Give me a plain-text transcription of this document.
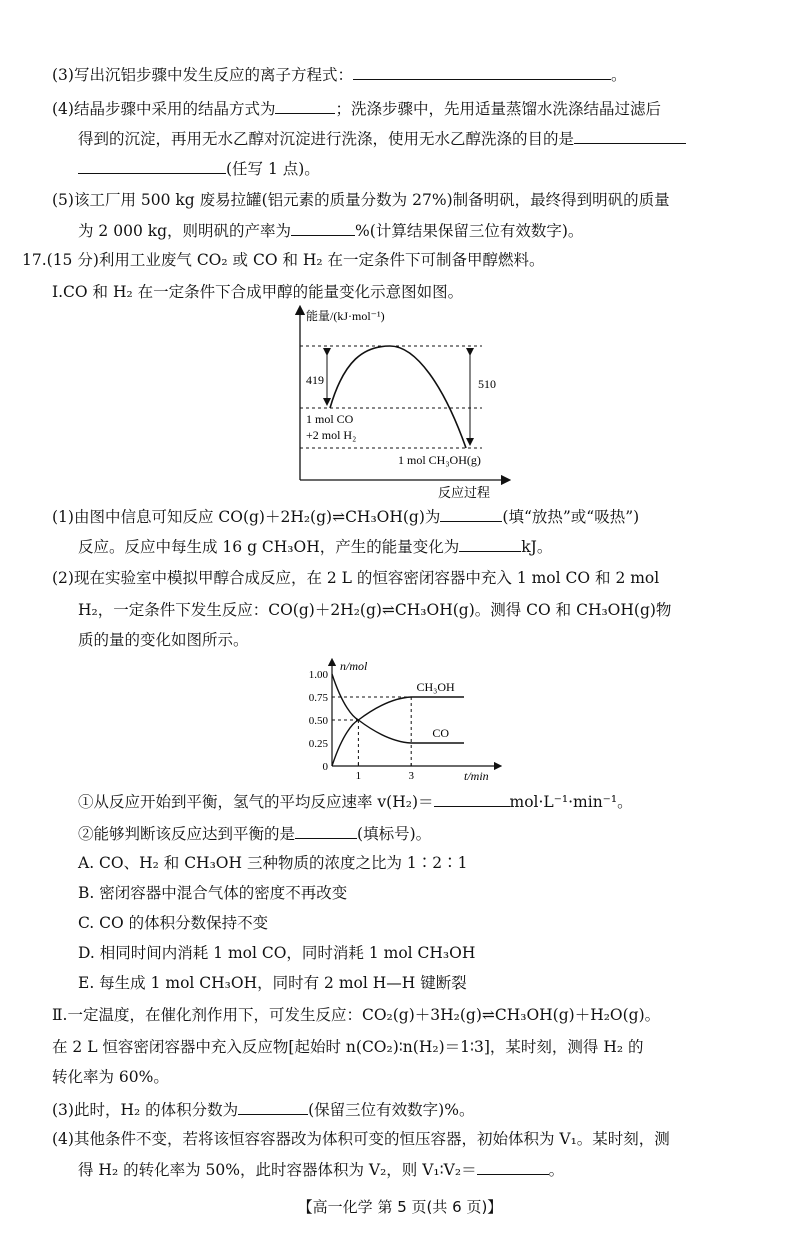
(3)写出沉铝步骤中发生反应的离子方程式：	。
(4)结晶步骤中采用的结晶方式为	；洗涤步骤中，先用适量蒸馏水洗涤结晶过滤后
得到的沉淀，再用无水乙醇对沉淀进行洗涤，使用无水乙醇洗涤的目的是
(任写 1 点)。
(5)该工厂用 500 kg 废易拉罐(铝元素的质量分数为 27%)制备明矾，最终得到明矾的质量
为 2 000 kg，则明矾的产率为	%(计算结果保留三位有效数字)。
17.(15 分)利用工业废气 CO₂ 或 CO 和 H₂ 在一定条件下可制备甲醇燃料。
Ⅰ.CO 和 H₂ 在一定条件下合成甲醇的能量变化示意图如图。
能量/(kJ·mol⁻¹)
反应过程
419	510
1 mol CO
+2 mol H₂
1 mol CH₃OH(g)
(1)由图中信息可知反应 CO(g)＋2H₂(g)⇌CH₃OH(g)为	(填“放热”或“吸热”)
反应。反应中每生成 16 g CH₃OH，产生的能量变化为	kJ。
(2)现在实验室中模拟甲醇合成反应，在 2 L 的恒容密闭容器中充入 1 mol CO 和 2 mol
H₂，一定条件下发生反应：CO(g)＋2H₂(g)⇌CH₃OH(g)。测得 CO 和 CH₃OH(g)物
质的量的变化如图所示。
n/mol
t/min
0
0.25
0.50
0.75
1.00
1	3
CH₃OH
CO
①从反应开始到平衡，氢气的平均反应速率 v(H₂)＝	mol·L⁻¹·min⁻¹。
②能够判断该反应达到平衡的是	(填标号)。
A. CO、H₂ 和 CH₃OH 三种物质的浓度之比为 1∶2∶1
B. 密闭容器中混合气体的密度不再改变
C. CO 的体积分数保持不变
D. 相同时间内消耗 1 mol CO，同时消耗 1 mol CH₃OH
E. 每生成 1 mol CH₃OH，同时有 2 mol H—H 键断裂
Ⅱ.一定温度，在催化剂作用下，可发生反应：CO₂(g)＋3H₂(g)⇌CH₃OH(g)＋H₂O(g)。
在 2 L 恒容密闭容器中充入反应物[起始时 n(CO₂)∶n(H₂)＝1∶3]，某时刻，测得 H₂ 的
转化率为 60%。
(3)此时，H₂ 的体积分数为	(保留三位有效数字)%。
(4)其他条件不变，若将该恒容容器改为体积可变的恒压容器，初始体积为 V₁。某时刻，测
得 H₂ 的转化率为 50%，此时容器体积为 V₂，则 V₁∶V₂＝	。
【高一化学 第 5 页(共 6 页)】
